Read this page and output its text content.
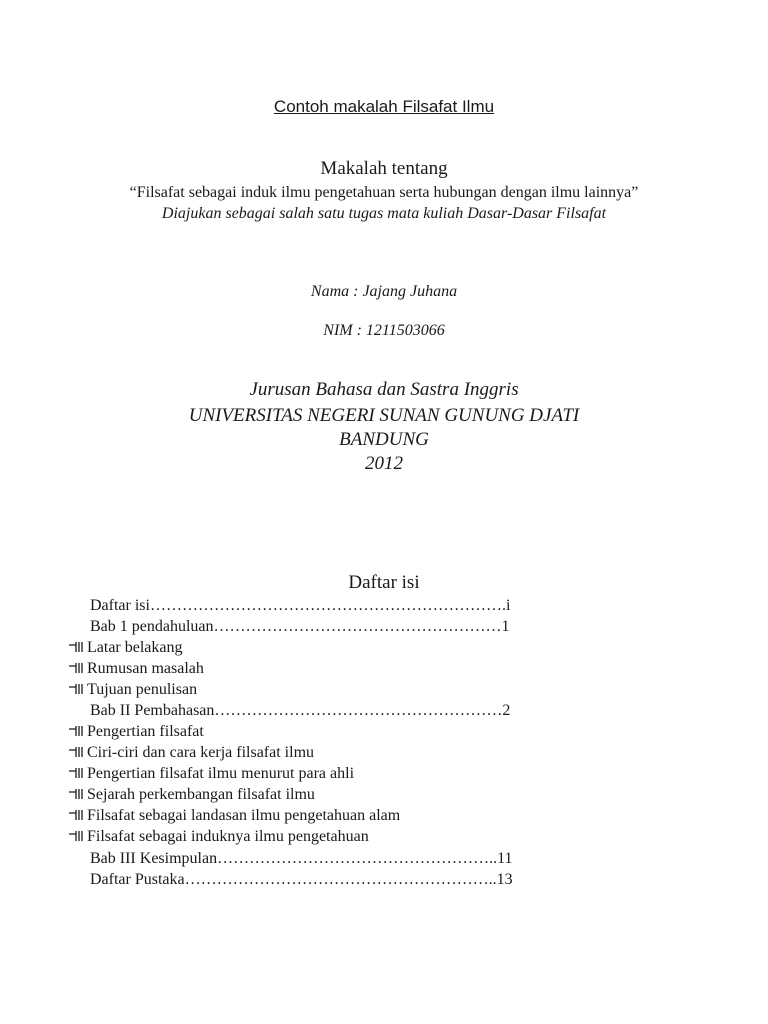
Contoh makalah Filsafat Ilmu
Makalah tentang
“Filsafat sebagai induk ilmu pengetahuan serta hubungan dengan ilmu lainnya”
Diajukan sebagai salah satu tugas mata kuliah Dasar-Dasar Filsafat
Nama : Jajang Juhana
NIM : 1211503066
Jurusan Bahasa dan Sastra Inggris
UNIVERSITAS NEGERI SUNAN GUNUNG DJATI
BANDUNG
2012
Daftar isi
Daftar isi………………………………………………………….i
Bab 1 pendahuluan………………………………………………1
Latar belakang
Rumusan masalah
Tujuan penulisan
Bab II Pembahasan………………………………………………2
Pengertian filsafat
Ciri-ciri dan cara kerja filsafat ilmu
Pengertian filsafat ilmu menurut para ahli
Sejarah perkembangan filsafat ilmu
Filsafat sebagai landasan ilmu pengetahuan alam
Filsafat sebagai induknya ilmu pengetahuan
Bab III Kesimpulan……………………………………………..11
Daftar Pustaka…………………………………………………..13
